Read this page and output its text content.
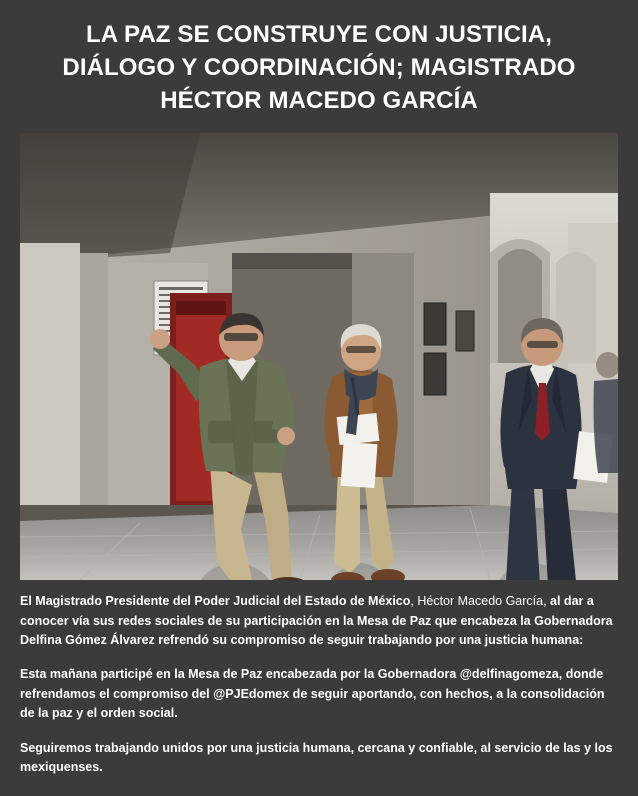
LA PAZ SE CONSTRUYE CON JUSTICIA, DIÁLOGO Y COORDINACIÓN; MAGISTRADO HÉCTOR MACEDO GARCÍA

El Magistrado Presidente del Poder Judicial del Estado de México, Héctor Macedo García, al dar a conocer vía sus redes sociales de su participación en la Mesa de Paz que encabeza la Gobernadora Delfina Gómez Álvarez refrendó su compromiso de seguir trabajando por una justicia humana:

Esta mañana participé en la Mesa de Paz encabezada por la Gobernadora @delfinagomeza, donde refrendamos el compromiso del @PJEdomex de seguir aportando, con hechos, a la consolidación de la paz y el orden social.

Seguiremos trabajando unidos por una justicia humana, cercana y confiable, al servicio de las y los mexiquenses.
